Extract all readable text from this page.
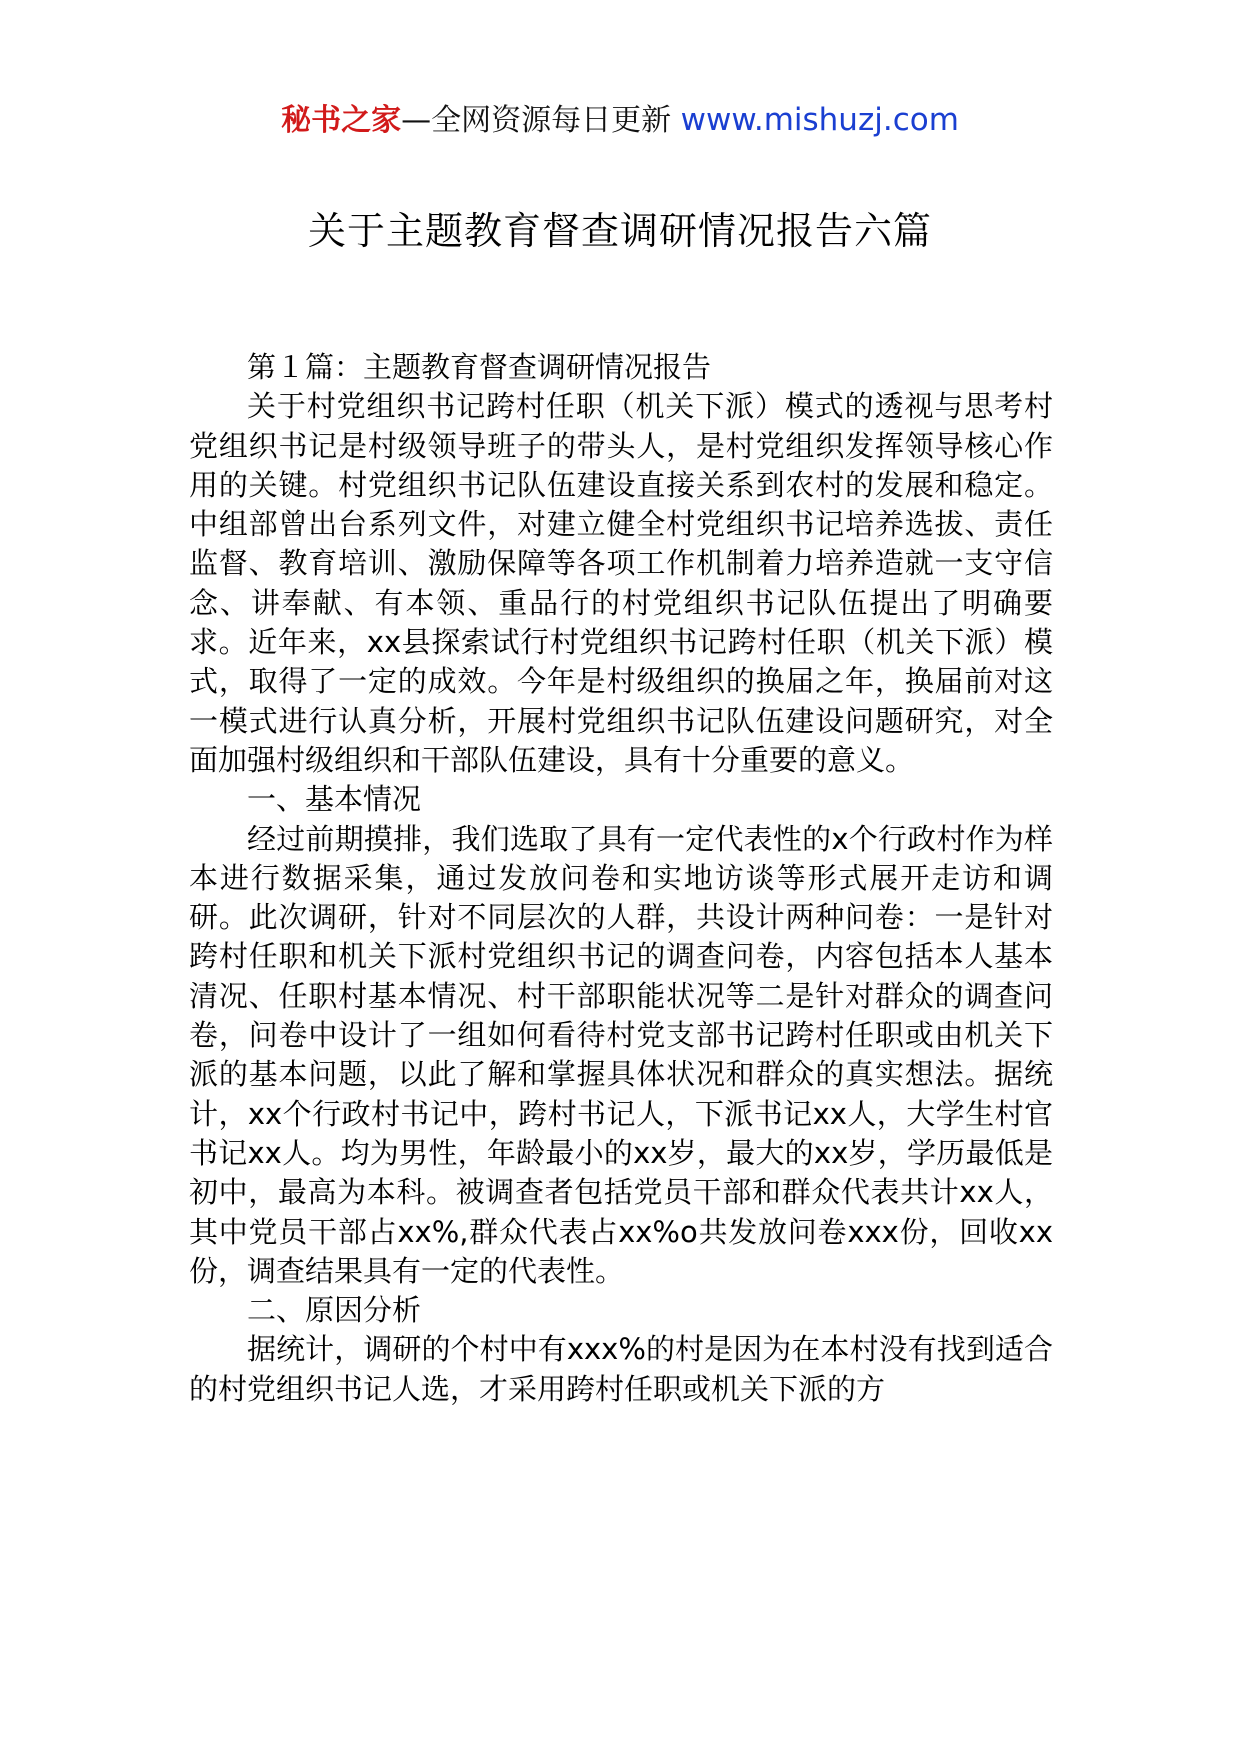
秘书之家—全网资源每日更新 www.mishuzj.com
关于主题教育督查调研情况报告六篇

第１篇：主题教育督查调研情况报告

关于村党组织书记跨村任职（机关下派）模式的透视与思考村党组织书记是村级领导班子的带头人，是村党组织发挥领导核心作用的关键。村党组织书记队伍建设直接关系到农村的发展和稳定。中组部曾出台系列文件，对建立健全村党组织书记培养选拔、责任监督、教育培训、激励保障等各项工作机制着力培养造就一支守信念、讲奉献、有本领、重品行的村党组织书记队伍提出了明确要求。近年来，xx县探索试行村党组织书记跨村任职（机关下派）模式，取得了一定的成效。今年是村级组织的换届之年，换届前对这一模式进行认真分析，开展村党组织书记队伍建设问题研究，对全面加强村级组织和干部队伍建设，具有十分重要的意义。

一、基本情况

经过前期摸排，我们选取了具有一定代表性的x个行政村作为样本进行数据采集，通过发放问卷和实地访谈等形式展开走访和调研。此次调研，针对不同层次的人群，共设计两种问卷：一是针对跨村任职和机关下派村党组织书记的调查问卷，内容包括本人基本清况、任职村基本情况、村干部职能状况等二是针对群众的调查问卷，问卷中设计了一组如何看待村党支部书记跨村任职或由机关下派的基本问题，以此了解和掌握具体状况和群众的真实想法。据统计，xx个行政村书记中，跨村书记人，下派书记xx人，大学生村官书记xx人。均为男性，年龄最小的xx岁，最大的xx岁，学历最低是初中，最高为本科。被调查者包括党员干部和群众代表共计xx人，其中党员干部占xx%,群众代表占xx%o共发放问卷xxx份，回收xx份，调查结果具有一定的代表性。

二、原因分析

据统计，调研的个村中有xxx%的村是因为在本村没有找到适合的村党组织书记人选，才采用跨村任职或机关下派的方
